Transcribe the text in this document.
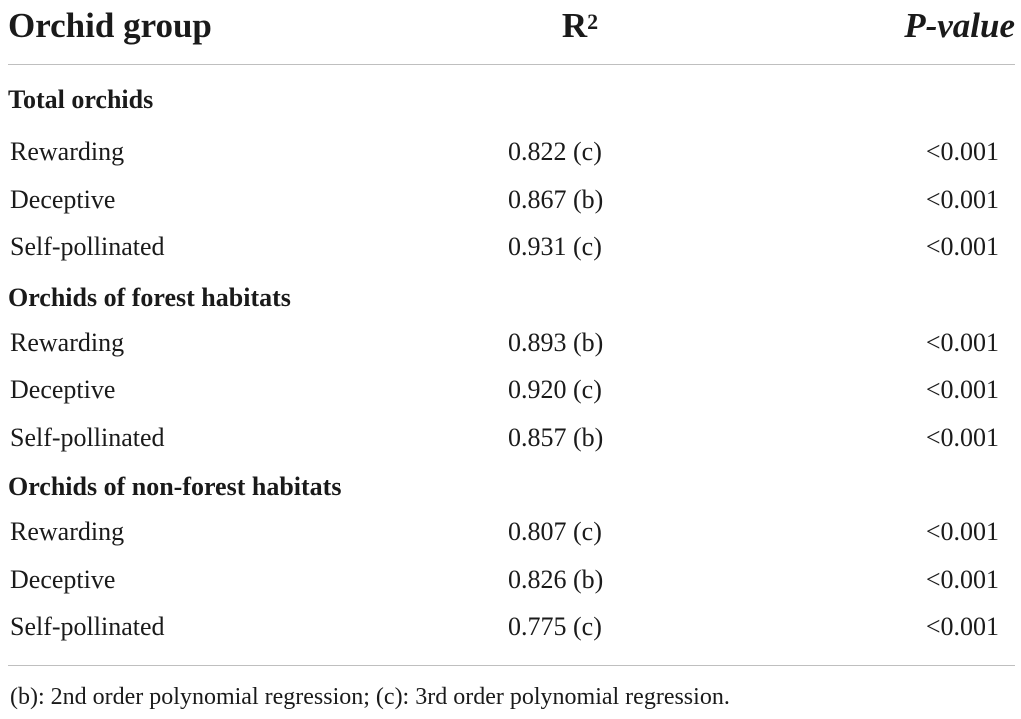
Orchid group	$R^2$	P-value
Total orchids
Rewarding	0.822 (c)	<0.001
Deceptive	0.867 (b)	<0.001
Self-pollinated	0.931 (c)	<0.001
Orchids of forest habitats
Rewarding	0.893 (b)	<0.001
Deceptive	0.920 (c)	<0.001
Self-pollinated	0.857 (b)	<0.001
Orchids of non-forest habitats
Rewarding	0.807 (c)	<0.001
Deceptive	0.826 (b)	<0.001
Self-pollinated	0.775 (c)	<0.001
(b): 2nd order polynomial regression; (c): 3rd order polynomial regression.
